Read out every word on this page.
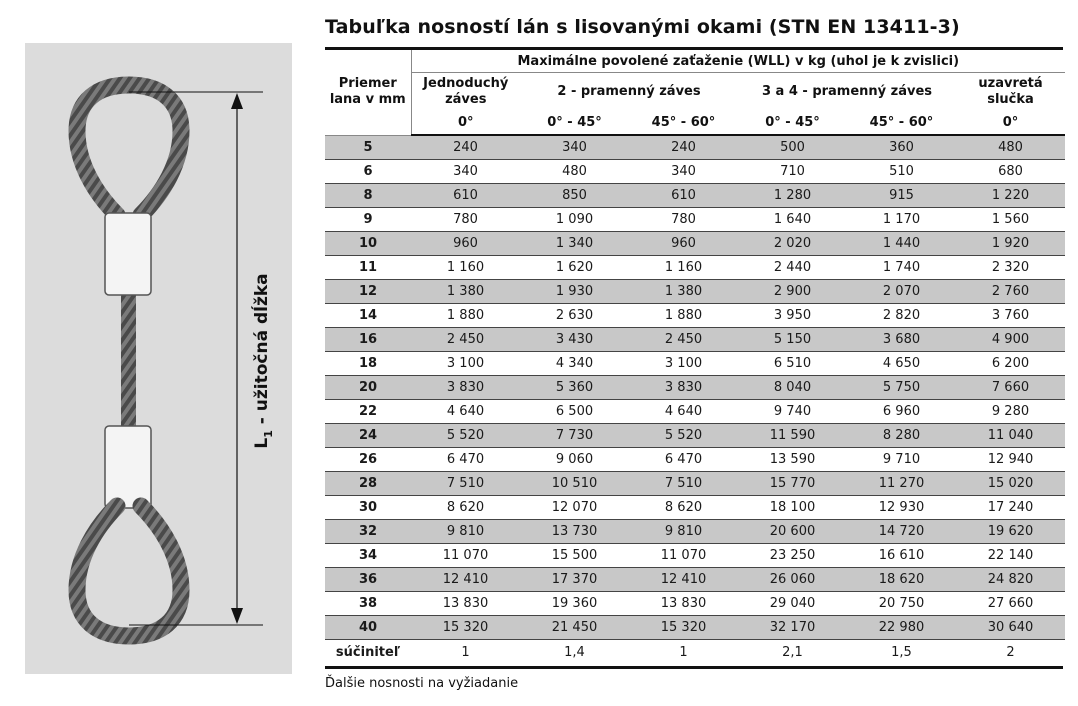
$L_1$ - užitočná dĺžka
Tabuľka nosností lán s lisovanými okami (STN EN 13411-3)
Priemer lana v mm	Maximálne povolené zaťaženie (WLL) v kg (uhol je k zvislici)					
	Jednoduchý záves	2 - pramenný záves		3 a 4 - pramenný záves		uzavretá slučka
	0°	0° - 45°	45° - 60°	0° - 45°	45° - 60°	0°
5	240	340	240	500	360	480
6	340	480	340	710	510	680
8	610	850	610	1 280	915	1 220
9	780	1 090	780	1 640	1 170	1 560
10	960	1 340	960	2 020	1 440	1 920
11	1 160	1 620	1 160	2 440	1 740	2 320
12	1 380	1 930	1 380	2 900	2 070	2 760
14	1 880	2 630	1 880	3 950	2 820	3 760
16	2 450	3 430	2 450	5 150	3 680	4 900
18	3 100	4 340	3 100	6 510	4 650	6 200
20	3 830	5 360	3 830	8 040	5 750	7 660
22	4 640	6 500	4 640	9 740	6 960	9 280
24	5 520	7 730	5 520	11 590	8 280	11 040
26	6 470	9 060	6 470	13 590	9 710	12 940
28	7 510	10 510	7 510	15 770	11 270	15 020
30	8 620	12 070	8 620	18 100	12 930	17 240
32	9 810	13 730	9 810	20 600	14 720	19 620
34	11 070	15 500	11 070	23 250	16 610	22 140
36	12 410	17 370	12 410	26 060	18 620	24 820
38	13 830	19 360	13 830	29 040	20 750	27 660
40	15 320	21 450	15 320	32 170	22 980	30 640
súčiniteľ	1	1,4	1	2,1	1,5	2
Ďalšie nosnosti na vyžiadanie
